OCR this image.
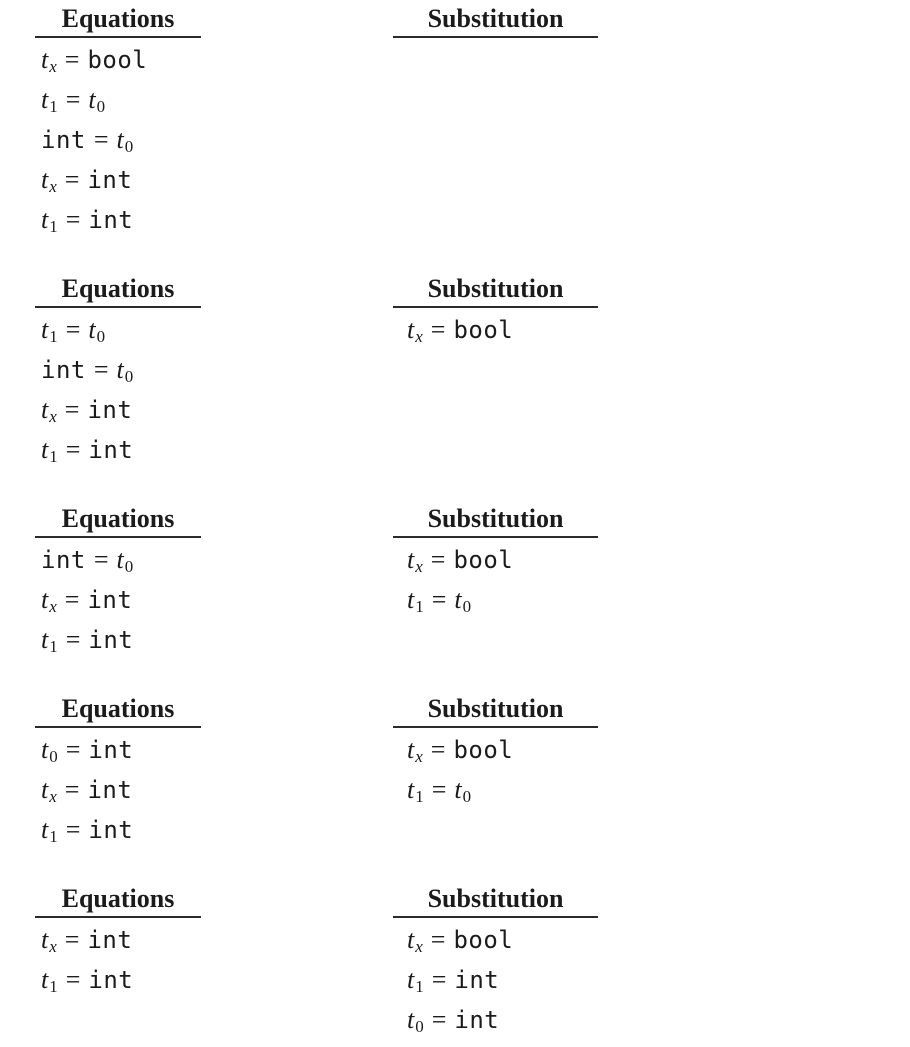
Equations
tx = bool
t1 = t0
int = t0
tx = int
t1 = int
Substitution
Equations
t1 = t0
int = t0
tx = int
t1 = int
Substitution
tx = bool
Equations
int = t0
tx = int
t1 = int
Substitution
tx = bool
t1 = t0
Equations
t0 = int
tx = int
t1 = int
Substitution
tx = bool
t1 = t0
Equations
tx = int
t1 = int
Substitution
tx = bool
t1 = int
t0 = int
